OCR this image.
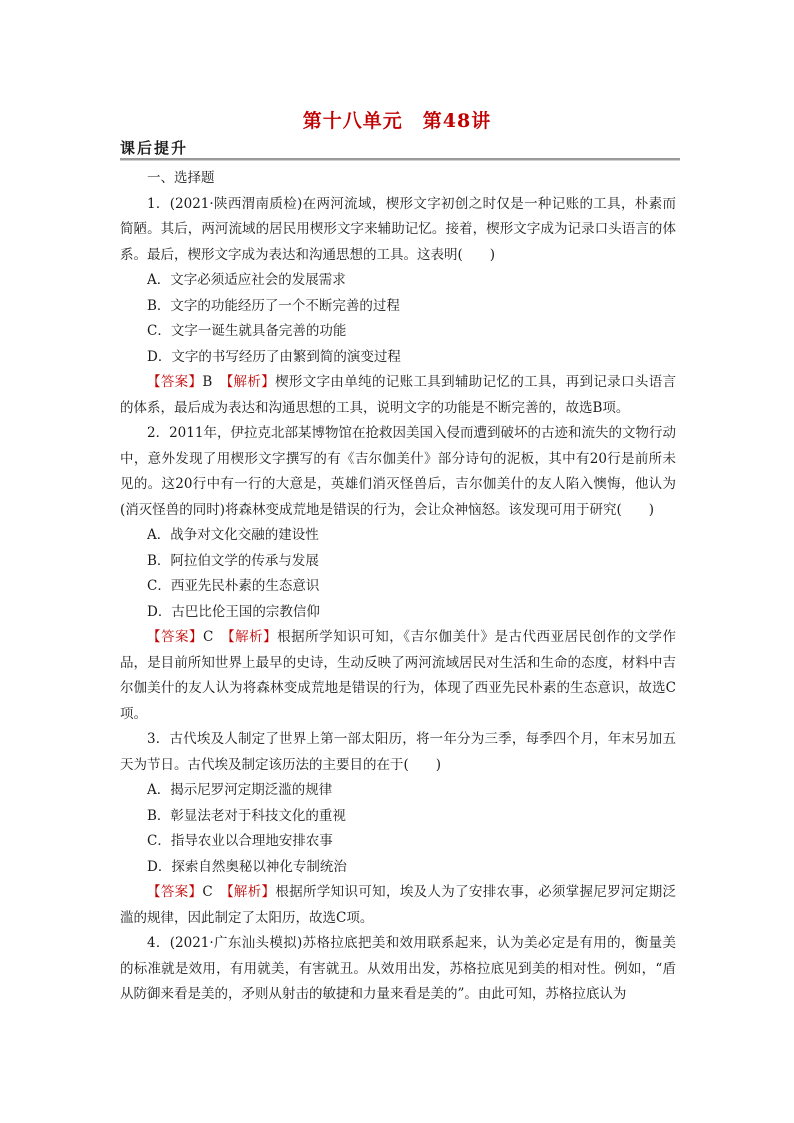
第十八单元　第48讲
课后提升

一、选择题

1．(2021·陕西渭南质检)在两河流域，楔形文字初创之时仅是一种记账的工具，朴素而简陋。其后，两河流域的居民用楔形文字来辅助记忆。接着，楔形文字成为记录口头语言的体系。最后，楔形文字成为表达和沟通思想的工具。这表明(　　)

A．文字必须适应社会的发展需求

B．文字的功能经历了一个不断完善的过程

C．文字一诞生就具备完善的功能

D．文字的书写经历了由繁到简的演变过程

【答案】B　 【解析】楔形文字由单纯的记账工具到辅助记忆的工具，再到记录口头语言的体系，最后成为表达和沟通思想的工具，说明文字的功能是不断完善的，故选B项。

2．2011年，伊拉克北部某博物馆在抢救因美国入侵而遭到破坏的古迹和流失的文物行动中，意外发现了用楔形文字撰写的有《吉尔伽美什》部分诗句的泥板，其中有20行是前所未见的。这20行中有一行的大意是，英雄们消灭怪兽后，吉尔伽美什的友人陷入懊悔，他认为(消灭怪兽的同时)将森林变成荒地是错误的行为，会让众神恼怒。该发现可用于研究(　　)

A．战争对文化交融的建设性

B．阿拉伯文学的传承与发展

C．西亚先民朴素的生态意识

D．古巴比伦王国的宗教信仰

【答案】C　 【解析】根据所学知识可知，《吉尔伽美什》是古代西亚居民创作的文学作品，是目前所知世界上最早的史诗，生动反映了两河流域居民对生活和生命的态度，材料中吉尔伽美什的友人认为将森林变成荒地是错误的行为，体现了西亚先民朴素的生态意识，故选C项。

3．古代埃及人制定了世界上第一部太阳历，将一年分为三季，每季四个月，年末另加五天为节日。古代埃及制定该历法的主要目的在于(　　)

A．揭示尼罗河定期泛滥的规律

B．彰显法老对于科技文化的重视

C．指导农业以合理地安排农事

D．探索自然奥秘以神化专制统治

【答案】C　 【解析】根据所学知识可知，埃及人为了安排农事，必须掌握尼罗河定期泛滥的规律，因此制定了太阳历，故选C项。

4．(2021·广东汕头模拟)苏格拉底把美和效用联系起来，认为美必定是有用的，衡量美的标准就是效用，有用就美，有害就丑。从效用出发，苏格拉底见到美的相对性。例如，“盾从防御来看是美的，矛则从射击的敏捷和力量来看是美的”。由此可知，苏格拉底认为
